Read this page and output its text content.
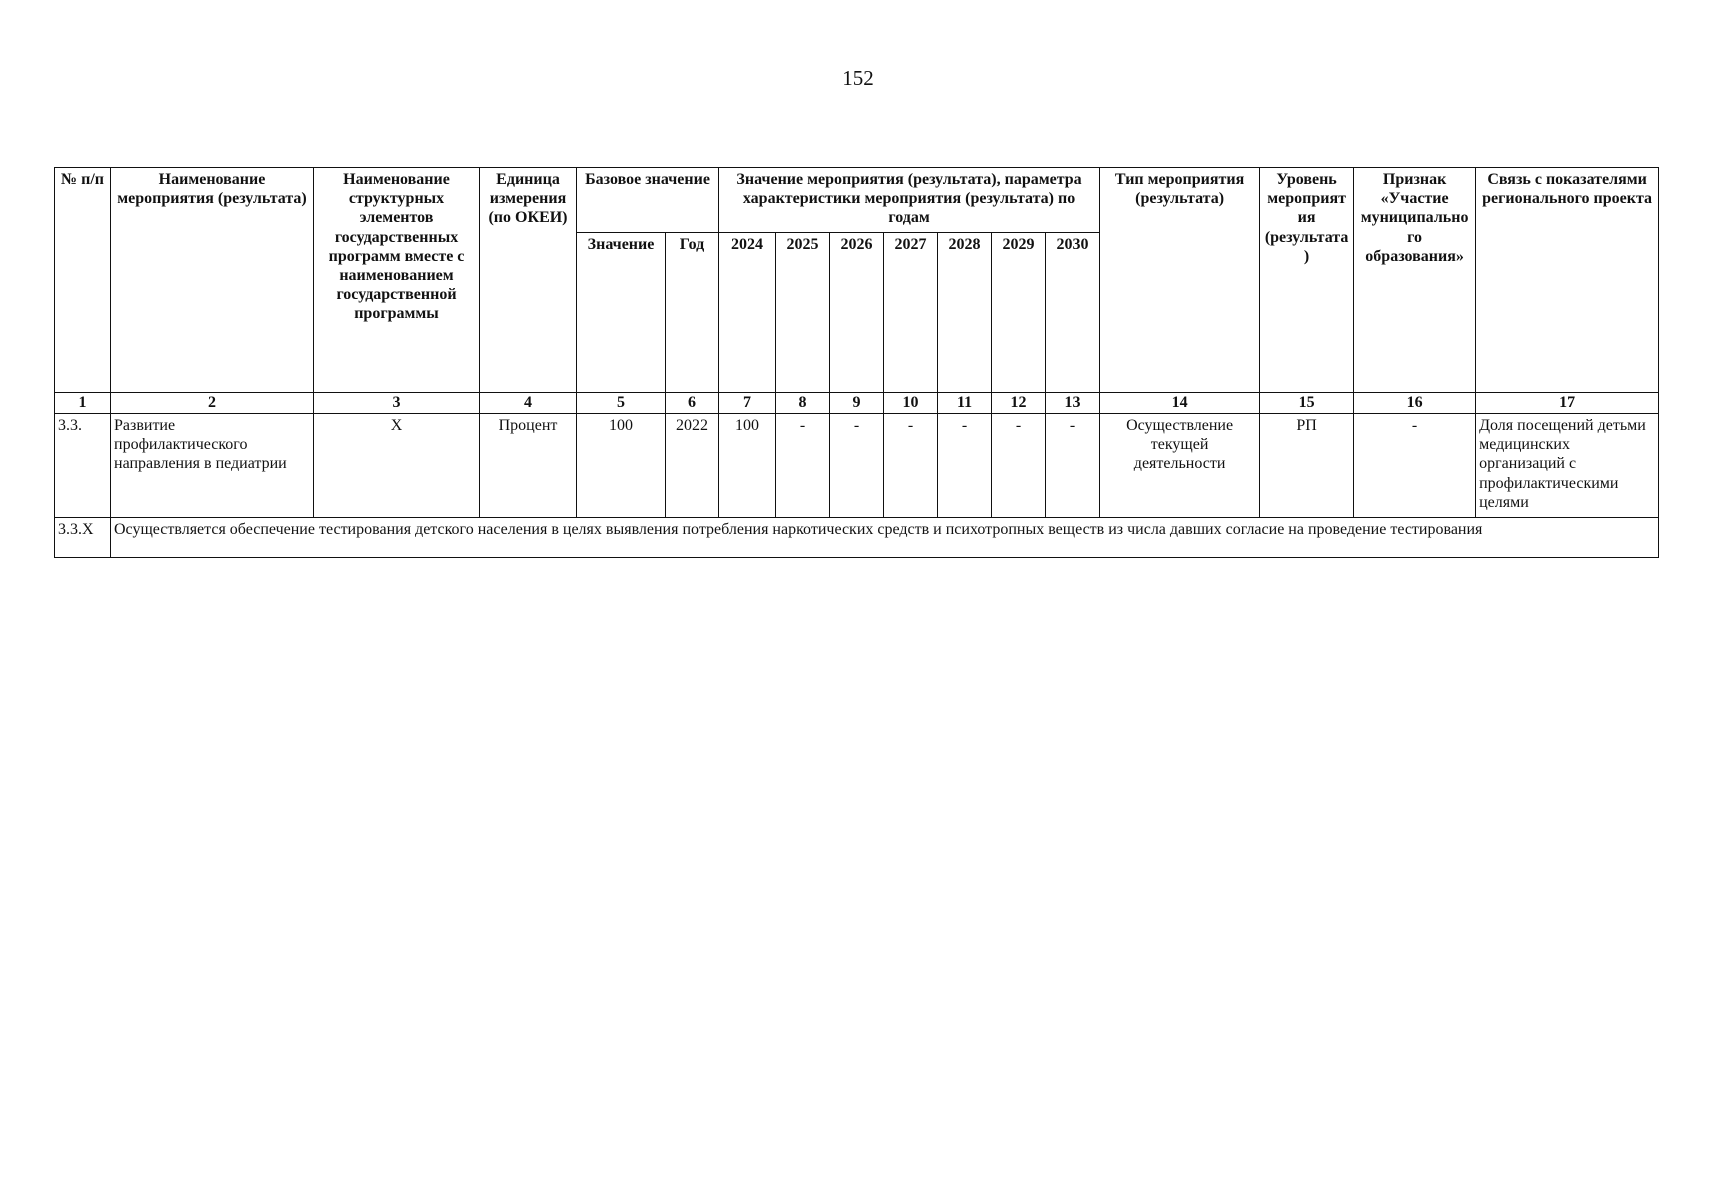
152
№ п/п	Наименование мероприятия (результата)	Наименование структурных элементов государственных программ вместе с наименованием государственной программы	Единица измерения (по ОКЕИ)	Базовое значение		Значение мероприятия (результата), параметра характеристики мероприятия (результата) по годам							Тип мероприятия (результата)	Уровень мероприятия (результата)	Признак «Участие муниципального образования»	Связь с показателями регионального проекта
				Значение	Год	2024	2025	2026	2027	2028	2029	2030				
1	2	3	4	5	6	7	8	9	10	11	12	13	14	15	16	17
3.3.	Развитие профилактического направления в педиатрии	Х	Процент	100	2022	100	-	-	-	-	-	-	Осуществление текущей деятельности	РП	-	Доля посещений детьми медицинских организаций с профилактическими целями
3.3.Х	Осуществляется обеспечение тестирования детского населения в целях выявления потребления наркотических средств и психотропных веществ из числа давших согласие на проведение тестирования															
